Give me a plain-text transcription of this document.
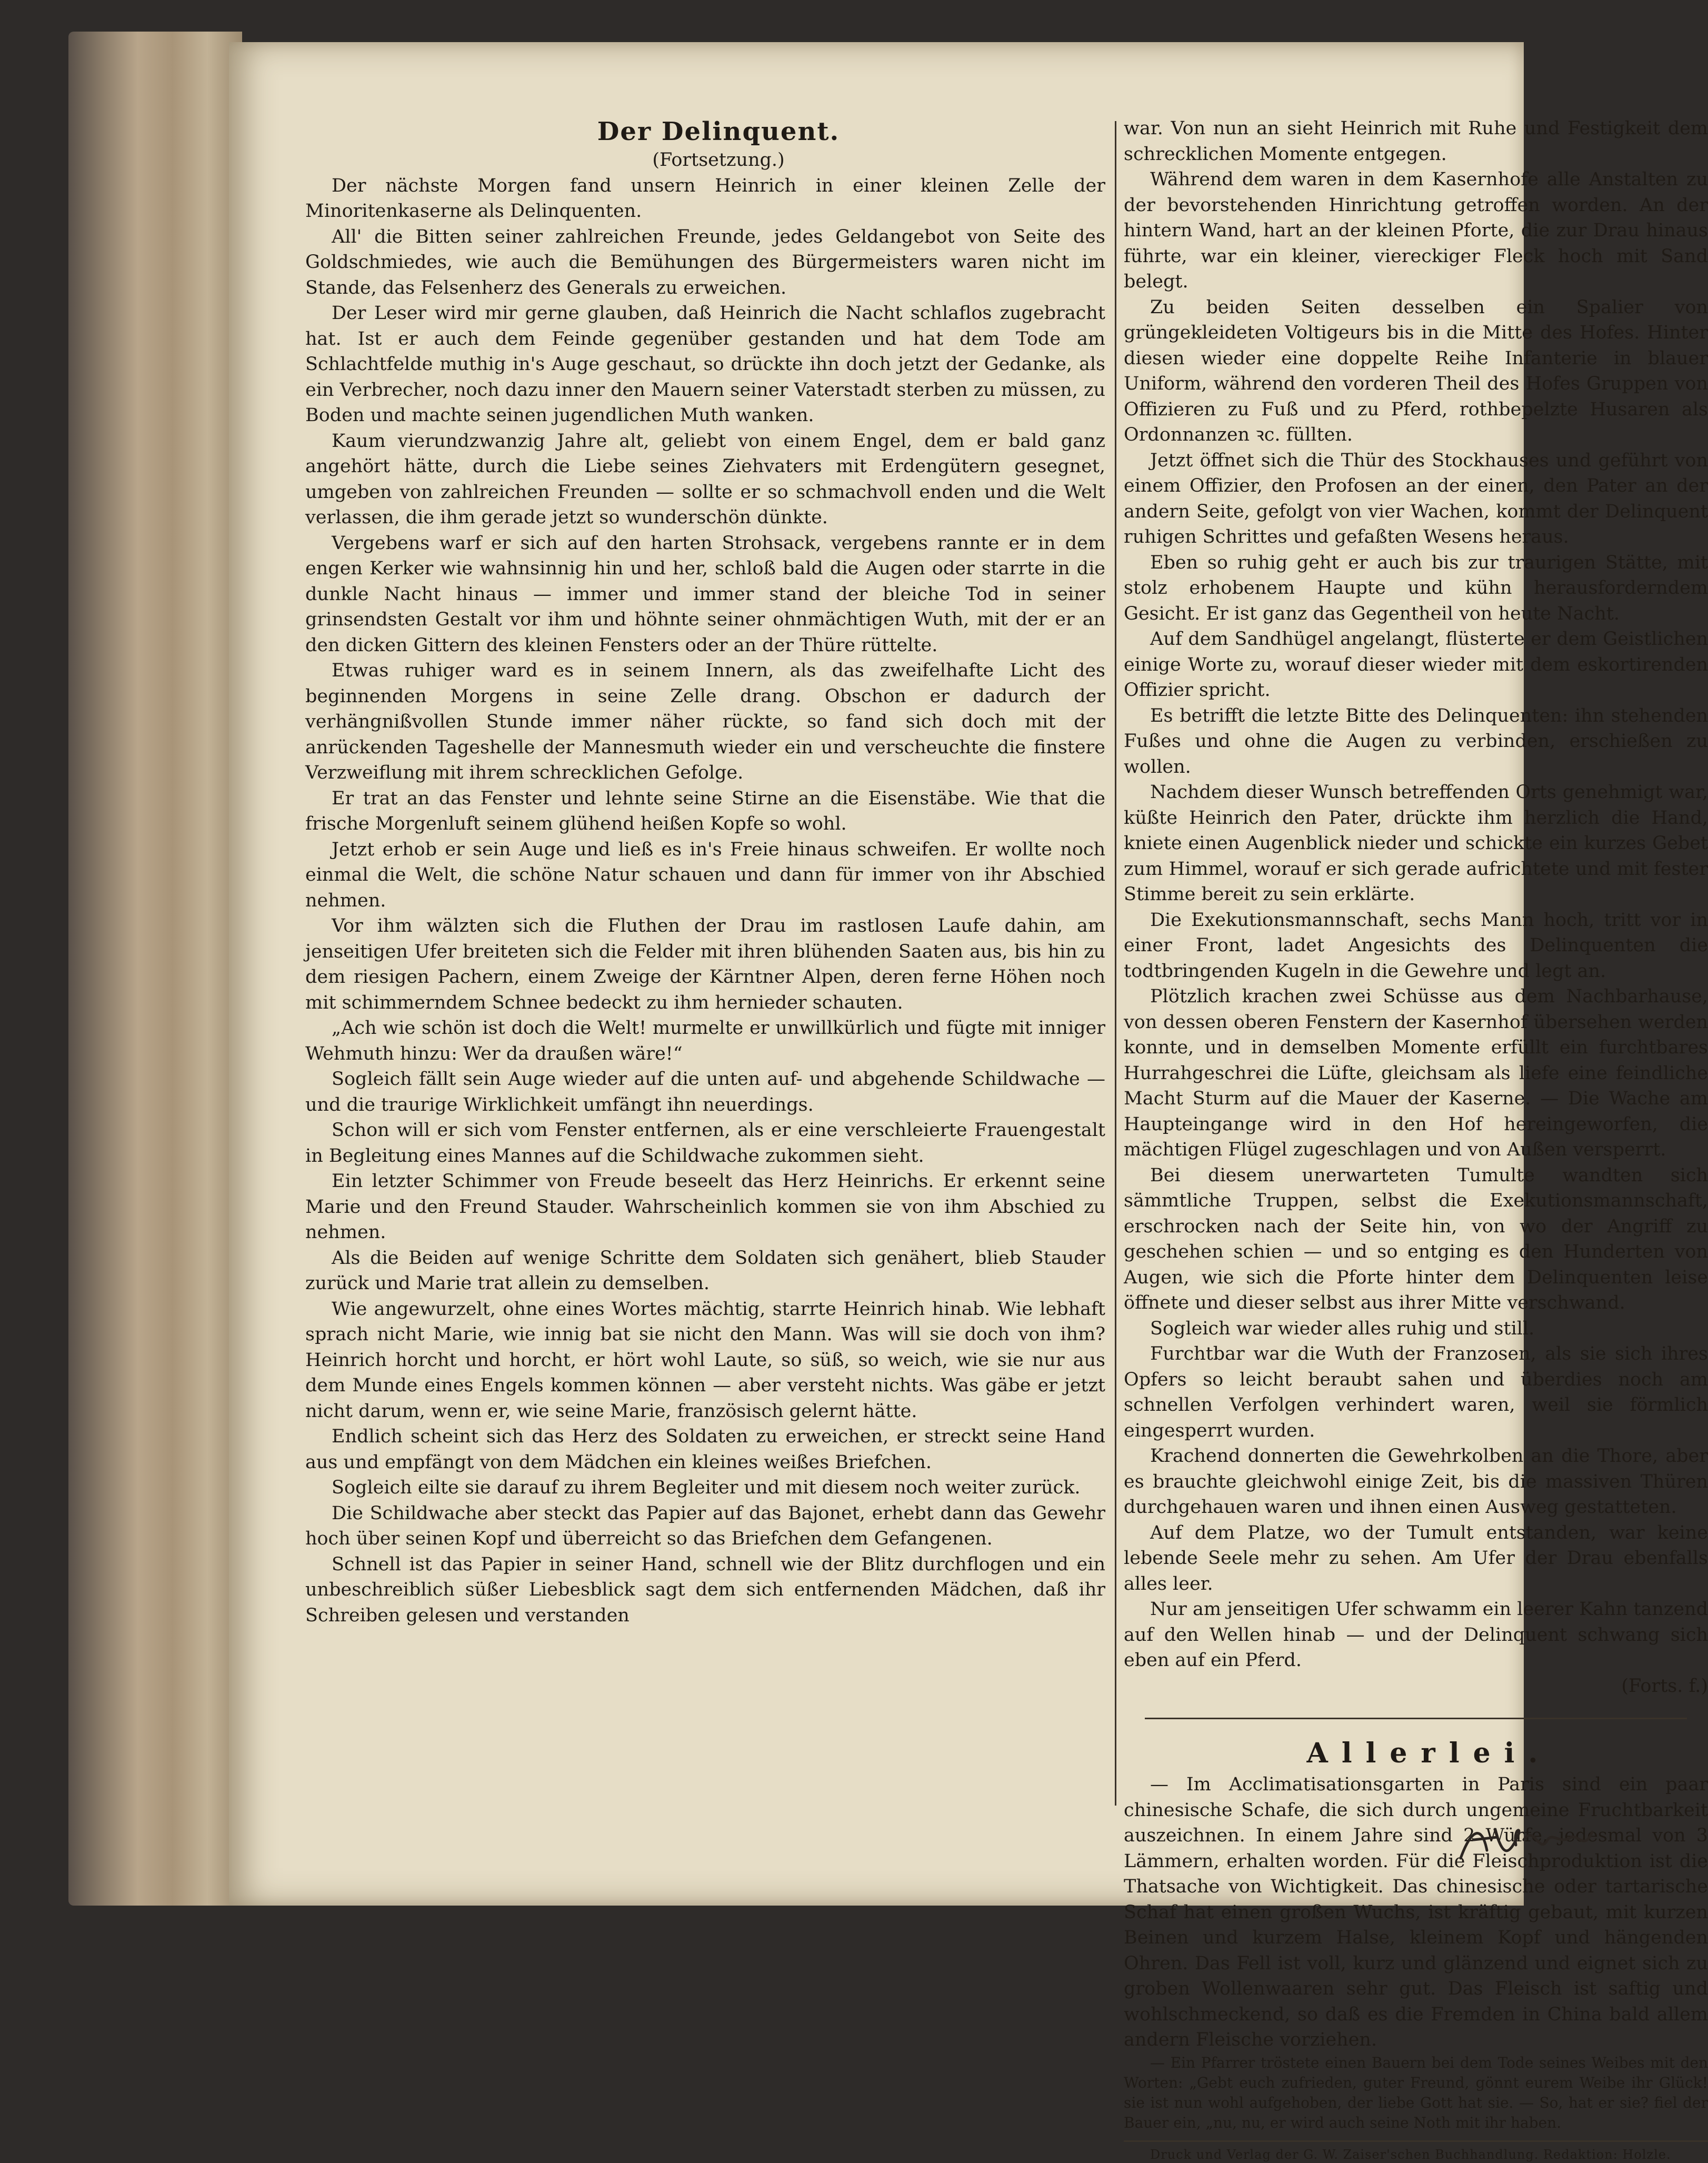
Der Delinquent.

(Fortsetzung.)

Der nächste Morgen fand unsern Heinrich in einer kleinen Zelle der Minoritenkaserne als Delinquenten.

All' die Bitten seiner zahlreichen Freunde, jedes Geldangebot von Seite des Goldschmiedes, wie auch die Bemühungen des Bürgermeisters waren nicht im Stande, das Felsenherz des Generals zu erweichen.

Der Leser wird mir gerne glauben, daß Heinrich die Nacht schlaflos zugebracht hat. Ist er auch dem Feinde gegenüber gestanden und hat dem Tode am Schlachtfelde muthig in's Auge geschaut, so drückte ihn doch jetzt der Gedanke, als ein Verbrecher, noch dazu inner den Mauern seiner Vaterstadt sterben zu müssen, zu Boden und machte seinen jugendlichen Muth wanken.

Kaum vierundzwanzig Jahre alt, geliebt von einem Engel, dem er bald ganz angehört hätte, durch die Liebe seines Ziehvaters mit Erdengütern gesegnet, umgeben von zahlreichen Freunden — sollte er so schmachvoll enden und die Welt verlassen, die ihm gerade jetzt so wunderschön dünkte.

Vergebens warf er sich auf den harten Strohsack, vergebens rannte er in dem engen Kerker wie wahnsinnig hin und her, schloß bald die Augen oder starrte in die dunkle Nacht hinaus — immer und immer stand der bleiche Tod in seiner grinsendsten Gestalt vor ihm und höhnte seiner ohnmächtigen Wuth, mit der er an den dicken Gittern des kleinen Fensters oder an der Thüre rüttelte.

Etwas ruhiger ward es in seinem Innern, als das zweifelhafte Licht des beginnenden Morgens in seine Zelle drang. Obschon er dadurch der verhängnißvollen Stunde immer näher rückte, so fand sich doch mit der anrückenden Tageshelle der Mannesmuth wieder ein und verscheuchte die finstere Verzweiflung mit ihrem schrecklichen Gefolge.

Er trat an das Fenster und lehnte seine Stirne an die Eisenstäbe. Wie that die frische Morgenluft seinem glühend heißen Kopfe so wohl.

Jetzt erhob er sein Auge und ließ es in's Freie hinaus schweifen. Er wollte noch einmal die Welt, die schöne Natur schauen und dann für immer von ihr Abschied nehmen.

Vor ihm wälzten sich die Fluthen der Drau im rastlosen Laufe dahin, am jenseitigen Ufer breiteten sich die Felder mit ihren blühenden Saaten aus, bis hin zu dem riesigen Pachern, einem Zweige der Kärntner Alpen, deren ferne Höhen noch mit schimmerndem Schnee bedeckt zu ihm hernieder schauten.

„Ach wie schön ist doch die Welt! murmelte er unwillkürlich und fügte mit inniger Wehmuth hinzu: Wer da draußen wäre!“

Sogleich fällt sein Auge wieder auf die unten auf- und abgehende Schildwache — und die traurige Wirklichkeit umfängt ihn neuerdings.

Schon will er sich vom Fenster entfernen, als er eine verschleierte Frauengestalt in Begleitung eines Mannes auf die Schildwache zukommen sieht.

Ein letzter Schimmer von Freude beseelt das Herz Heinrichs. Er erkennt seine Marie und den Freund Stauder. Wahrscheinlich kommen sie von ihm Abschied zu nehmen.

Als die Beiden auf wenige Schritte dem Soldaten sich genähert, blieb Stauder zurück und Marie trat allein zu demselben.

Wie angewurzelt, ohne eines Wortes mächtig, starrte Heinrich hinab. Wie lebhaft sprach nicht Marie, wie innig bat sie nicht den Mann. Was will sie doch von ihm? Heinrich horcht und horcht, er hört wohl Laute, so süß, so weich, wie sie nur aus dem Munde eines Engels kommen können — aber versteht nichts. Was gäbe er jetzt nicht darum, wenn er, wie seine Marie, französisch gelernt hätte.

Endlich scheint sich das Herz des Soldaten zu erweichen, er streckt seine Hand aus und empfängt von dem Mädchen ein kleines weißes Briefchen.

Sogleich eilte sie darauf zu ihrem Begleiter und mit diesem noch weiter zurück.

Die Schildwache aber steckt das Papier auf das Bajonet, erhebt dann das Gewehr hoch über seinen Kopf und überreicht so das Briefchen dem Gefangenen.

Schnell ist das Papier in seiner Hand, schnell wie der Blitz durchflogen und ein unbeschreiblich süßer Liebesblick sagt dem sich entfernenden Mädchen, daß ihr Schreiben gelesen und verstanden

war. Von nun an sieht Heinrich mit Ruhe und Festigkeit dem schrecklichen Momente entgegen.

Während dem waren in dem Kasernhofe alle Anstalten zu der bevorstehenden Hinrichtung getroffen worden. An der hintern Wand, hart an der kleinen Pforte, die zur Drau hinaus führte, war ein kleiner, viereckiger Fleck hoch mit Sand belegt.

Zu beiden Seiten desselben ein Spalier von grüngekleideten Voltigeurs bis in die Mitte des Hofes. Hinter diesen wieder eine doppelte Reihe Infanterie in blauer Uniform, während den vorderen Theil des Hofes Gruppen von Offizieren zu Fuß und zu Pferd, rothbepelzte Husaren als Ordonnanzen ꝛc. füllten.

Jetzt öffnet sich die Thür des Stockhauses und geführt von einem Offizier, den Profosen an der einen, den Pater an der andern Seite, gefolgt von vier Wachen, kommt der Delinquent ruhigen Schrittes und gefaßten Wesens heraus.

Eben so ruhig geht er auch bis zur traurigen Stätte, mit stolz erhobenem Haupte und kühn herausforderndem Gesicht. Er ist ganz das Gegentheil von heute Nacht.

Auf dem Sandhügel angelangt, flüsterte er dem Geistlichen einige Worte zu, worauf dieser wieder mit dem eskortirenden Offizier spricht.

Es betrifft die letzte Bitte des Delinquenten: ihn stehenden Fußes und ohne die Augen zu verbinden, erschießen zu wollen.

Nachdem dieser Wunsch betreffenden Orts genehmigt war, küßte Heinrich den Pater, drückte ihm herzlich die Hand, kniete einen Augenblick nieder und schickte ein kurzes Gebet zum Himmel, worauf er sich gerade aufrichtete und mit fester Stimme bereit zu sein erklärte.

Die Exekutionsmannschaft, sechs Mann hoch, tritt vor in einer Front, ladet Angesichts des Delinquenten die todtbringenden Kugeln in die Gewehre und legt an.

Plötzlich krachen zwei Schüsse aus dem Nachbarhause, von dessen oberen Fenstern der Kasernhof übersehen werden konnte, und in demselben Momente erfüllt ein furchtbares Hurrahgeschrei die Lüfte, gleichsam als liefe eine feindliche Macht Sturm auf die Mauer der Kaserne. — Die Wache am Haupteingange wird in den Hof hereingeworfen, die mächtigen Flügel zugeschlagen und von Außen versperrt.

Bei diesem unerwarteten Tumulte wandten sich sämmtliche Truppen, selbst die Exekutionsmannschaft, erschrocken nach der Seite hin, von wo der Angriff zu geschehen schien — und so entging es den Hunderten von Augen, wie sich die Pforte hinter dem Delinquenten leise öffnete und dieser selbst aus ihrer Mitte verschwand.

Sogleich war wieder alles ruhig und still.

Furchtbar war die Wuth der Franzosen, als sie sich ihres Opfers so leicht beraubt sahen und überdies noch am schnellen Verfolgen verhindert waren, weil sie förmlich eingesperrt wurden.

Krachend donnerten die Gewehrkolben an die Thore, aber es brauchte gleichwohl einige Zeit, bis die massiven Thüren durchgehauen waren und ihnen einen Ausweg gestatteten.

Auf dem Platze, wo der Tumult entstanden, war keine lebende Seele mehr zu sehen. Am Ufer der Drau ebenfalls alles leer.

Nur am jenseitigen Ufer schwamm ein leerer Kahn tanzend auf den Wellen hinab — und der Delinquent schwang sich eben auf ein Pferd.

(Forts. f.)

Allerlei.

— Im Acclimatisationsgarten in Paris sind ein paar chinesische Schafe, die sich durch ungemeine Fruchtbarkeit auszeichnen. In einem Jahre sind 2 Würfe, jedesmal von 3 Lämmern, erhalten worden. Für die Fleischproduktion ist die Thatsache von Wichtigkeit. Das chinesische oder tartarische Schaf hat einen großen Wuchs, ist kräftig gebaut, mit kurzen Beinen und kurzem Halse, kleinem Kopf und hängenden Ohren. Das Fell ist voll, kurz und glänzend und eignet sich zu groben Wollenwaaren sehr gut. Das Fleisch ist saftig und wohlschmeckend, so daß es die Fremden in China bald allem andern Fleische vorziehen.

— Ein Pfarrer tröstete einen Bauern bei dem Tode seines Weibes mit den Worten: „Gebt euch zufrieden, guter Freund, gönnt eurem Weibe ihr Glück! sie ist nun wohl aufgehoben, der liebe Gott hat sie. — So, hat er sie? fiel der Bauer ein, „nu, nu, er wird auch seine Noth mit ihr haben.

Druck und Verlag der G. W. Zaiser'schen Buchhandlung. Redaktion: Holzle.
